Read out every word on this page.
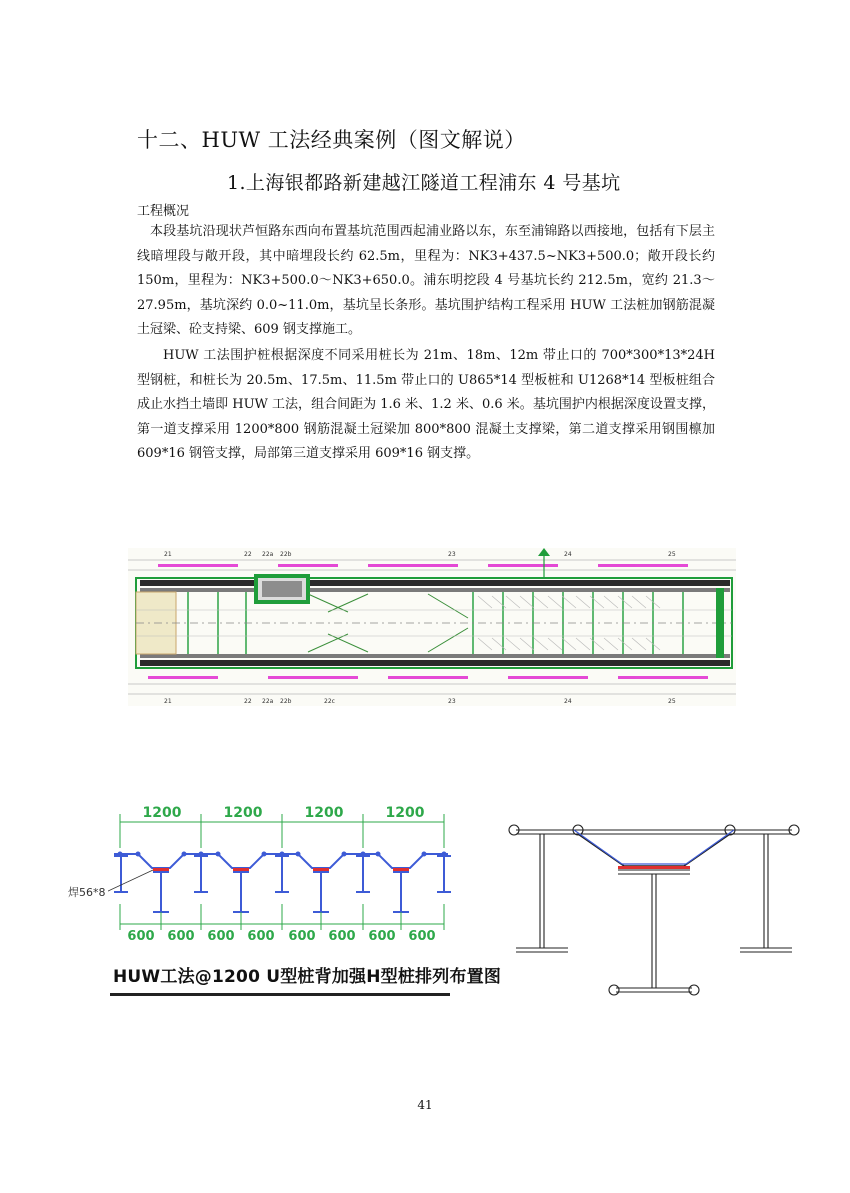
十二、HUW 工法经典案例（图文解说）
1.上海银都路新建越江隧道工程浦东 4 号基坑
工程概况
本段基坑沿现状芦恒路东西向布置基坑范围西起浦业路以东，东至浦锦路以西接地，包括有下层主线暗埋段与敞开段，其中暗埋段长约 62.5m，里程为：NK3+437.5~NK3+500.0；敞开段长约 150m，里程为：NK3+500.0～NK3+650.0。浦东明挖段 4 号基坑长约 212.5m，宽约 21.3～27.95m，基坑深约 0.0~11.0m，基坑呈长条形。基坑围护结构工程采用 HUW 工法桩加钢筋混凝土冠梁、砼支持梁、609 钢支撑施工。
HUW 工法围护桩根据深度不同采用桩长为 21m、18m、12m 带止口的 700*300*13*24H 型钢桩，和桩长为 20.5m、17.5m、11.5m 带止口的 U865*14 型板桩和 U1268*14 型板桩组合成止水挡土墙即 HUW 工法，组合间距为 1.6 米、1.2 米、0.6 米。基坑围护内根据深度设置支撑，第一道支撑采用 1200*800 钢筋混凝土冠梁加 800*800 混凝土支撑梁，第二道支撑采用钢围檩加 609*16 钢管支撑，局部第三道支撑采用 609*16 钢支撑。
21	22 22a 22b	23	24	25
21	22 22a 22b	22c	23	24	25
1200	1200	1200	1200
600 600 600 600 600 600 600 600
焊56*8
HUW工法@1200 U型桩背加强H型桩排列布置图
41
